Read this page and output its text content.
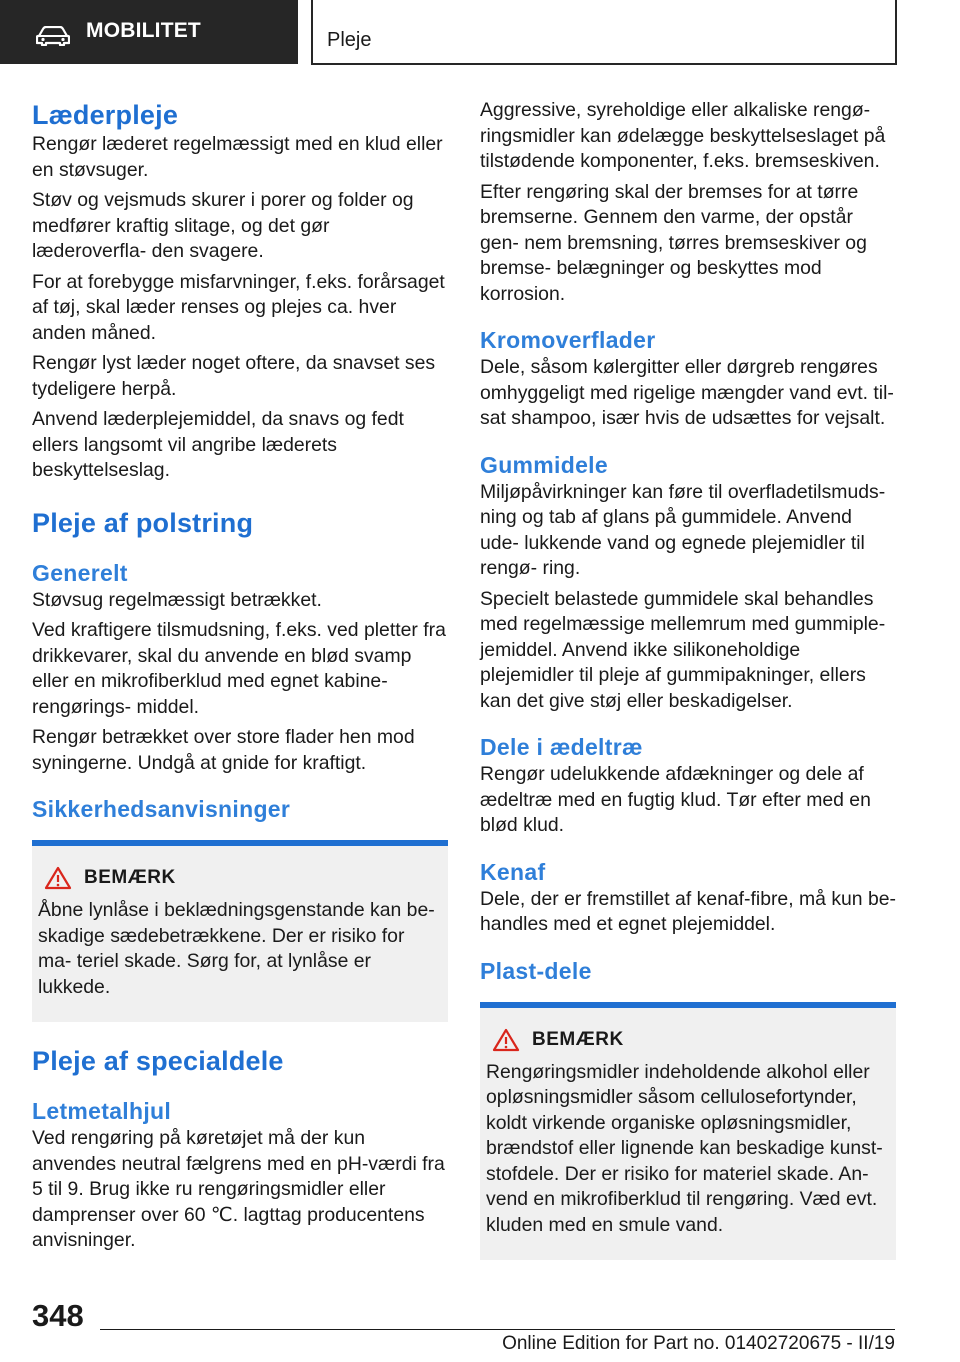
MOBILITET	Pleje
Læderpleje

Rengør læderet regelmæssigt med en klud eller en støvsuger.

Støv og vejsmuds skurer i porer og folder og medfører kraftig slitage, og det gør læderoverfla‐ den svagere.

For at forebygge misfarvninger, f.eks. forårsaget af tøj, skal læder renses og plejes ca. hver anden måned.

Rengør lyst læder noget oftere, da snavset ses tydeligere herpå.

Anvend læderplejemiddel, da snavs og fedt ellers langsomt vil angribe læderets beskyttelseslag.

Pleje af polstring
Generelt

Støvsug regelmæssigt betrækket.

Ved kraftigere tilsmudsning, f.eks. ved pletter fra drikkevarer, skal du anvende en blød svamp eller en mikrofiberklud med egnet kabine-rengørings‐ middel.

Rengør betrækket over store flader hen mod syningerne. Undgå at gnide for kraftigt.

Sikkerhedsanvisninger
BEMÆRK

Åbne lynlåse i beklædningsgenstande kan be‐ skadige sædebetrækkene. Der er risiko for ma‐ teriel skade. Sørg for, at lynlåse er lukkede.

Pleje af specialdele
Letmetalhjul

Ved rengøring på køretøjet må der kun anvendes neutral fælgrens med en pH-værdi fra 5 til 9. Brug ikke ru rengøringsmidler eller damprenser over 60 ℃. lagttag producentens anvisninger.

Aggressive, syreholdige eller alkaliske rengø‐ ringsmidler kan ødelægge beskyttelseslaget på tilstødende komponenter, f.eks. bremseskiven.

Efter rengøring skal der bremses for at tørre bremserne. Gennem den varme, der opstår gen‐ nem bremsning, tørres bremseskiver og bremse‐ belægninger og beskyttes mod korrosion.

Kromoverflader

Dele, såsom kølergitter eller dørgreb rengøres omhyggeligt med rigelige mængder vand evt. til‐ sat shampoo, især hvis de udsættes for vejsalt.

Gummidele

Miljøpåvirkninger kan føre til overfladetilsmuds‐ ning og tab af glans på gummidele. Anvend ude‐ lukkende vand og egnede plejemidler til rengø‐ ring.

Specielt belastede gummidele skal behandles med regelmæssige mellemrum med gummiple‐ jemiddel. Anvend ikke silikoneholdige plejemidler til pleje af gummipakninger, ellers kan det give støj eller beskadigelser.

Dele i ædeltræ

Rengør udelukkende afdækninger og dele af ædeltræ med en fugtig klud. Tør efter med en blød klud.

Kenaf

Dele, der er fremstillet af kenaf-fibre, må kun be‐ handles med et egnet plejemiddel.

Plast-dele
BEMÆRK

Rengøringsmidler indeholdende alkohol eller opløsningsmidler såsom cellulosefortynder, koldt virkende organiske opløsningsmidler, brændstof eller lignende kan beskadige kunst‐ stofdele. Der er risiko for materiel skade. An‐ vend en mikrofiberklud til rengøring. Væd evt. kluden med en smule vand.

348
Online Edition for Part no. 01402720675 - II/19
